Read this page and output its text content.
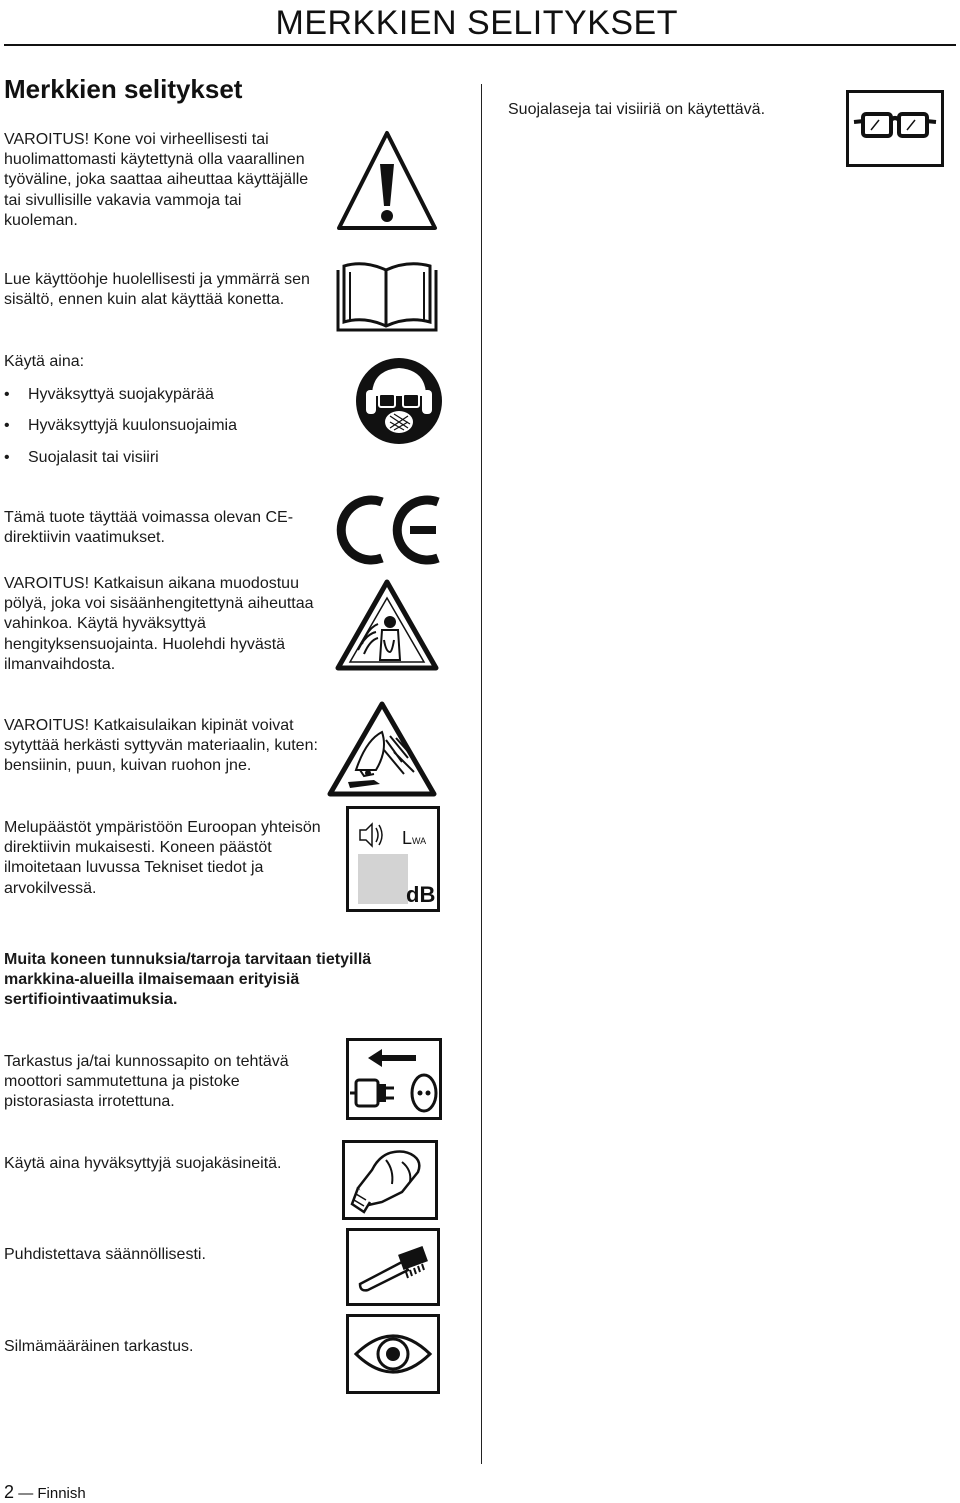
MERKKIEN SELITYKSET
Merkkien selitykset
VAROITUS! Kone voi virheellisesti tai huolimattomasti käytettynä olla vaarallinen työväline, joka saattaa aiheuttaa käyttäjälle tai sivullisille vakavia vammoja tai kuoleman.
Suojalaseja tai visiiriä on käytettävä.
Lue käyttöohje huolellisesti ja ymmärrä sen sisältö, ennen kuin alat käyttää konetta.
Käytä aina:
• Hyväksyttyä suojakypärää
• Hyväksyttyjä kuulonsuojaimia
• Suojalasit tai visiiri
Tämä tuote täyttää voimassa olevan CE-direktiivin vaatimukset.
VAROITUS! Katkaisun aikana muodostuu pölyä, joka voi sisäänhengitettynä aiheuttaa vahinkoa. Käytä hyväksyttyä hengityksensuojainta. Huolehdi hyvästä ilmanvaihdosta.
VAROITUS! Katkaisulaikan kipinät voivat sytyttää herkästi syttyvän materiaalin, kuten: bensiinin, puun, kuivan ruohon jne.
Melupäästöt ympäristöön Euroopan yhteisön direktiivin mukaisesti. Koneen päästöt ilmoitetaan luvussa Tekniset tiedot ja arvokilvessä.
L WA
dB
Muita koneen tunnuksia/tarroja tarvitaan tietyillä markkina-alueilla ilmaisemaan erityisiä sertifiointivaatimuksia.
Tarkastus ja/tai kunnossapito on tehtävä moottori sammutettuna ja pistoke pistorasiasta irrotettuna.
Käytä aina hyväksyttyjä suojakäsineitä.
Puhdistettava säännöllisesti.
Silmämääräinen tarkastus.
2 — Finnish
